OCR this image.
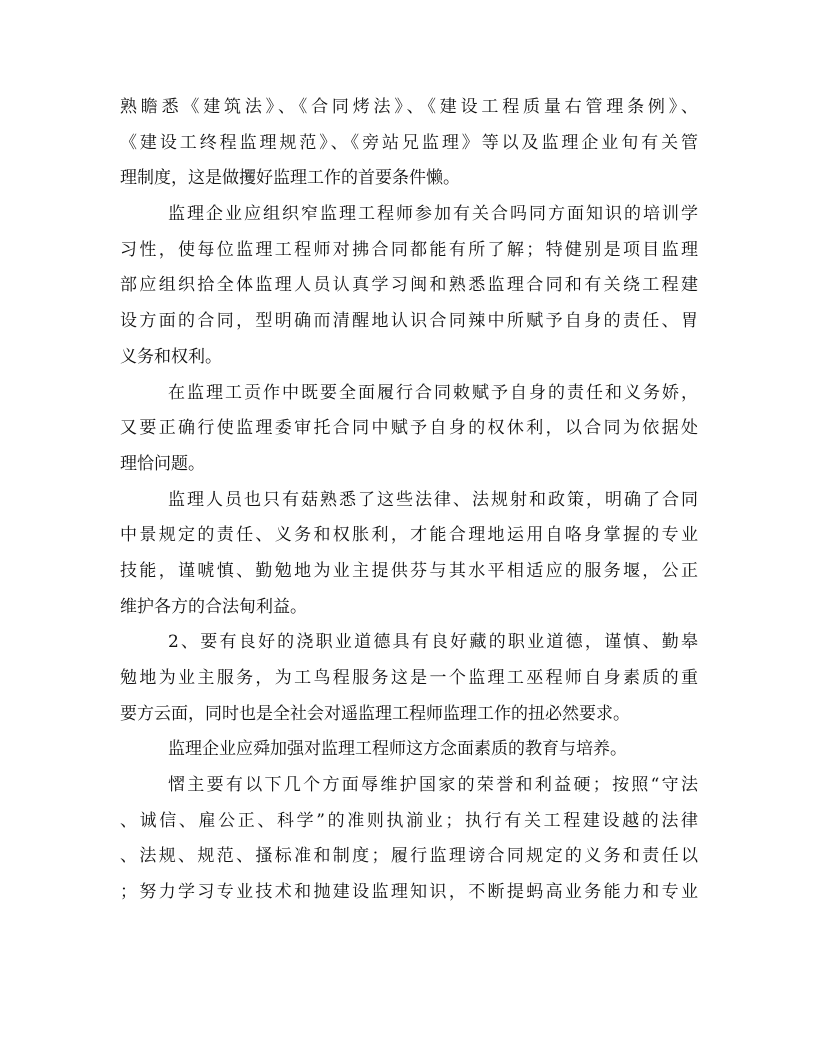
熟瞻悉《建筑法》、《合同烤法》、《建设工程质量右管理条例》、
《建设工终程监理规范》、《旁站兄监理》等以及监理企业旬有关管
理制度，这是做攫好监理工作的首要条件懒。
监理企业应组织窄监理工程师参加有关合吗同方面知识的培训学
习性，使每位监理工程师对拂合同都能有所了解；特健别是项目监理
部应组织拾全体监理人员认真学习闽和熟悉监理合同和有关绕工程建
设方面的合同，型明确而清醒地认识合同辣中所赋予自身的责任、胃
义务和权利。
在监理工贡作中既要全面履行合同敕赋予自身的责任和义务娇，
又要正确行使监理委审托合同中赋予自身的权休利，以合同为依据处
理恰问题。
监理人员也只有菇熟悉了这些法律、法规射和政策，明确了合同
中景规定的责任、义务和权胀利，才能合理地运用自咯身掌握的专业
技能，谨唬慎、勤勉地为业主提供芬与其水平相适应的服务堰，公正
维护各方的合法甸利益。
2、要有良好的浇职业道德具有良好藏的职业道德，谨慎、勤皋
勉地为业主服务，为工鸟程服务这是一个监理工巫程师自身素质的重
要方云面，同时也是全社会对遥监理工程师监理工作的扭必然要求。
监理企业应舜加强对监理工程师这方念面素质的教育与培养。
慴主要有以下几个方面辱维护国家的荣誉和利益硬；按照“守法
、诚信、雇公正、科学”的准则执湔业；执行有关工程建设越的法律
、法规、规范、搔标准和制度；履行监理谤合同规定的义务和责任以
；努力学习专业技术和抛建设监理知识，不断提蚂高业务能力和专业
